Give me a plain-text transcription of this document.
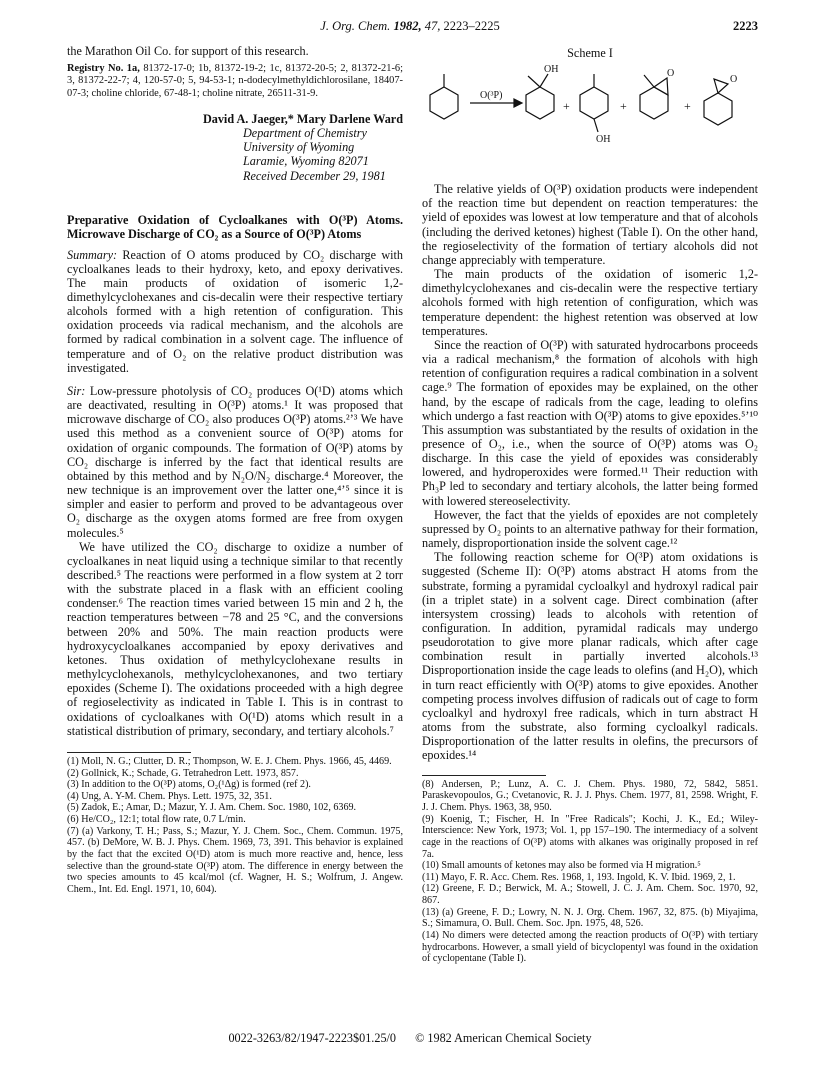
J. Org. Chem. 1982, 47, 2223–2225	2223

the Marathon Oil Co. for support of this research.

Registry No. 1a, 81372-17-0; 1b, 81372-19-2; 1c, 81372-20-5; 2, 81372-21-6; 3, 81372-22-7; 4, 120-57-0; 5, 94-53-1; n-dodecylmethyldichlorosilane, 18407-07-3; choline chloride, 67-48-1; choline nitrate, 26511-31-9.

David A. Jaeger,* Mary Darlene Ward
Department of Chemistry
University of Wyoming
Laramie, Wyoming 82071
Received December 29, 1981

Preparative Oxidation of Cycloalkanes with O(³P) Atoms. Microwave Discharge of CO₂ as a Source of O(³P) Atoms

Summary: Reaction of O atoms produced by CO₂ discharge with cycloalkanes leads to their hydroxy, keto, and epoxy derivatives. The main products of oxidation of isomeric 1,2-dimethylcyclohexanes and cis-decalin were their respective tertiary alcohols formed with a high retention of configuration. This oxidation proceeds via radical mechanism, and the alcohols are formed by radical combination in a solvent cage. The influence of temperature and of O₂ on the relative product distribution was investigated.

Sir: Low-pressure photolysis of CO₂ produces O(¹D) atoms which are deactivated, resulting in O(³P) atoms.¹ It was proposed that microwave discharge of CO₂ also produces O(³P) atoms.²ʼ³ We have used this method as a convenient source of O(³P) atoms for oxidation of organic compounds. The formation of O(³P) atoms by CO₂ discharge is inferred by the fact that identical results are obtained by this method and by N₂O/N₂ discharge.⁴ Moreover, the new technique is an improvement over the latter one,⁴ʼ⁵ since it is simpler and easier to perform and proved to be advantageous over O₂ discharge as the oxygen atoms formed are free from oxygen molecules.⁵

We have utilized the CO₂ discharge to oxidize a number of cycloalkanes in neat liquid using a technique similar to that recently described.⁵ The reactions were performed in a flow system at 2 torr with the substrate placed in a flask with an efficient cooling condenser.⁶ The reaction times varied between 15 min and 2 h, the reaction temperatures between −78 and 25 °C, and the conversions between 20% and 50%. The main reaction products were hydroxycycloalkanes accompanied by epoxy derivatives and ketones. Thus oxidation of methylcyclohexane results in methylcyclohexanols, methylcyclohexanones, and two tertiary epoxides (Scheme I). The oxidations proceeded with a high degree of regioselectivity as indicated in Table I. This is in contrast to oxidations of cycloalkanes with O(¹D) atoms which result in a statistical distribution of primary, secondary, and tertiary alcohols.⁷

(1) Moll, N. G.; Clutter, D. R.; Thompson, W. E. J. Chem. Phys. 1966, 45, 4469.

(2) Gollnick, K.; Schade, G. Tetrahedron Lett. 1973, 857.

(3) In addition to the O(³P) atoms, O₂(¹Δg) is formed (ref 2).

(4) Ung, A. Y-M. Chem. Phys. Lett. 1975, 32, 351.

(5) Zadok, E.; Amar, D.; Mazur, Y. J. Am. Chem. Soc. 1980, 102, 6369.

(6) He/CO₂, 12:1; total flow rate, 0.7 L/min.

(7) (a) Varkony, T. H.; Pass, S.; Mazur, Y. J. Chem. Soc., Chem. Commun. 1975, 457. (b) DeMore, W. B. J. Phys. Chem. 1969, 73, 391. This behavior is explained by the fact that the excited O(¹D) atom is much more reactive and, hence, less selective than the ground-state O(³P) atom. The difference in energy between the two species amounts to 45 kcal/mol (cf. Wagner, H. S.; Wolfrum, J. Angew. Chem., Int. Ed. Engl. 1971, 10, 604).

Scheme I
O(³P)
OH
+
OH
+
O
+
O

The relative yields of O(³P) oxidation products were independent of the reaction time but dependent on reaction temperatures: the yield of epoxides was lowest at low temperature and that of alcohols (including the derived ketones) highest (Table I). On the other hand, the regioselectivity of the formation of tertiary alcohols did not change appreciably with temperature.

The main products of the oxidation of isomeric 1,2-dimethylcyclohexanes and cis-decalin were the respective tertiary alcohols formed with high retention of configuration, which was temperature dependent: the highest retention was observed at low temperatures.

Since the reaction of O(³P) with saturated hydrocarbons proceeds via a radical mechanism,⁸ the formation of alcohols with high retention of configuration requires a radical combination in a solvent cage.⁹ The formation of epoxides may be explained, on the other hand, by the escape of radicals from the cage, leading to olefins which undergo a fast reaction with O(³P) atoms to give epoxides.⁵ʼ¹⁰ This assumption was substantiated by the results of oxidation in the presence of O₂, i.e., when the source of O(³P) atoms was O₂ discharge. In this case the yield of epoxides was considerably lowered, and hydroperoxides were formed.¹¹ Their reduction with Ph₃P led to secondary and tertiary alcohols, the latter being formed with lowered stereoselectivity.

However, the fact that the yields of epoxides are not completely supressed by O₂ points to an alternative pathway for their formation, namely, disproportionation inside the solvent cage.¹²

The following reaction scheme for O(³P) atom oxidations is suggested (Scheme II): O(³P) atoms abstract H atoms from the substrate, forming a pyramidal cycloalkyl and hydroxyl radical pair (in a triplet state) in a solvent cage. Direct combination (after intersystem crossing) leads to alcohols with retention of configuration. In addition, pyramidal radicals may undergo pseudorotation to give more planar radicals, which after cage combination result in partially inverted alcohols.¹³ Disproportionation inside the cage leads to olefins (and H₂O), which in turn react efficiently with O(³P) atoms to give epoxides. Another competing process involves diffusion of radicals out of cage to form cycloalkyl and hydroxyl free radicals, which in turn abstract H atoms from the substrate, also forming cycloalkyl radicals. Disproportionation of the latter results in olefins, the precursors of epoxides.¹⁴

(8) Andersen, P.; Lunz, A. C. J. Chem. Phys. 1980, 72, 5842, 5851. Paraskevopoulos, G.; Cvetanovic, R. J. J. Phys. Chem. 1977, 81, 2598. Wright, F. J. J. Chem. Phys. 1963, 38, 950.

(9) Koenig, T.; Fischer, H. In "Free Radicals"; Kochi, J. K., Ed.; Wiley-Interscience: New York, 1973; Vol. 1, pp 157–190. The intermediacy of a solvent cage in the reactions of O(³P) atoms with alkanes was originally proposed in ref 7a.

(10) Small amounts of ketones may also be formed via H migration.⁵

(11) Mayo, F. R. Acc. Chem. Res. 1968, 1, 193. Ingold, K. V. Ibid. 1969, 2, 1.

(12) Greene, F. D.; Berwick, M. A.; Stowell, J. C. J. Am. Chem. Soc. 1970, 92, 867.

(13) (a) Greene, F. D.; Lowry, N. N. J. Org. Chem. 1967, 32, 875. (b) Miyajima, S.; Simamura, O. Bull. Chem. Soc. Jpn. 1975, 48, 526.

(14) No dimers were detected among the reaction products of O(³P) with tertiary hydrocarbons. However, a small yield of bicyclopentyl was found in the oxidation of cyclopentane (Table I).

0022-3263/82/1947-2223$01.25/0 © 1982 American Chemical Society
